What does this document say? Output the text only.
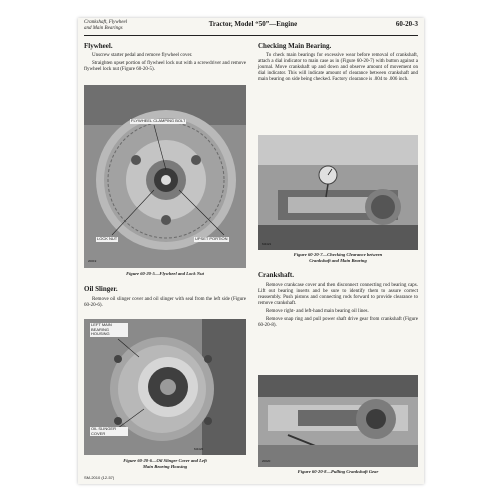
Crankshaft, Flywheel
and Main Bearings
Tractor, Model “50”—Engine	60-20-3
Flywheel.

Unscrew starter pedal and remove flywheel cover.

Straighten upset portion of flywheel lock nut with a screwdriver and remove flywheel lock nut (Figure 60-20-5).

FLYWHEEL CLAMPING BOLT
LOCK NUT	UPSET PORTION
20019
Figure 60-20-5—Flywheel and Lock Nut
Checking Main Bearing.

To check main bearings for excessive wear before removal of crankshaft, attach a dial indicator to main case as in (Figure 60-20-7) with button against a journal. Move crankshaft up and down and observe amount of movement on dial indicator. This will indicate amount of clearance between crankshaft and main bearing on side being checked. Factory clearance is .004 to .006 inch.

M4421
Figure 60-20-7—Checking Clearance between
Crankshaft and Main Bearing
Oil Slinger.

Remove oil slinger cover and oil slinger with seal from the left side (Figure 60-20-6).

LEFT MAIN BEARING HOUSING
OIL SLINGER COVER
M4420
Figure 60-20-6—Oil Slinger Cover and Left
Main Bearing Housing
Crankshaft.

Remove crankcase cover and then disconnect connecting rod bearing caps. Lift out bearing inserts and be sure to identify them to assure correct reassembly. Push pistons and connecting rods forward to provide clearance to remove crankshaft.

Remove right- and left-hand main bearing oil lines.

Remove snap ring and pull power shaft drive gear from crankshaft (Figure 60-20-8).

20020
Figure 60-20-8—Pulling Crankshaft Gear
SM-2010 (12-57)
